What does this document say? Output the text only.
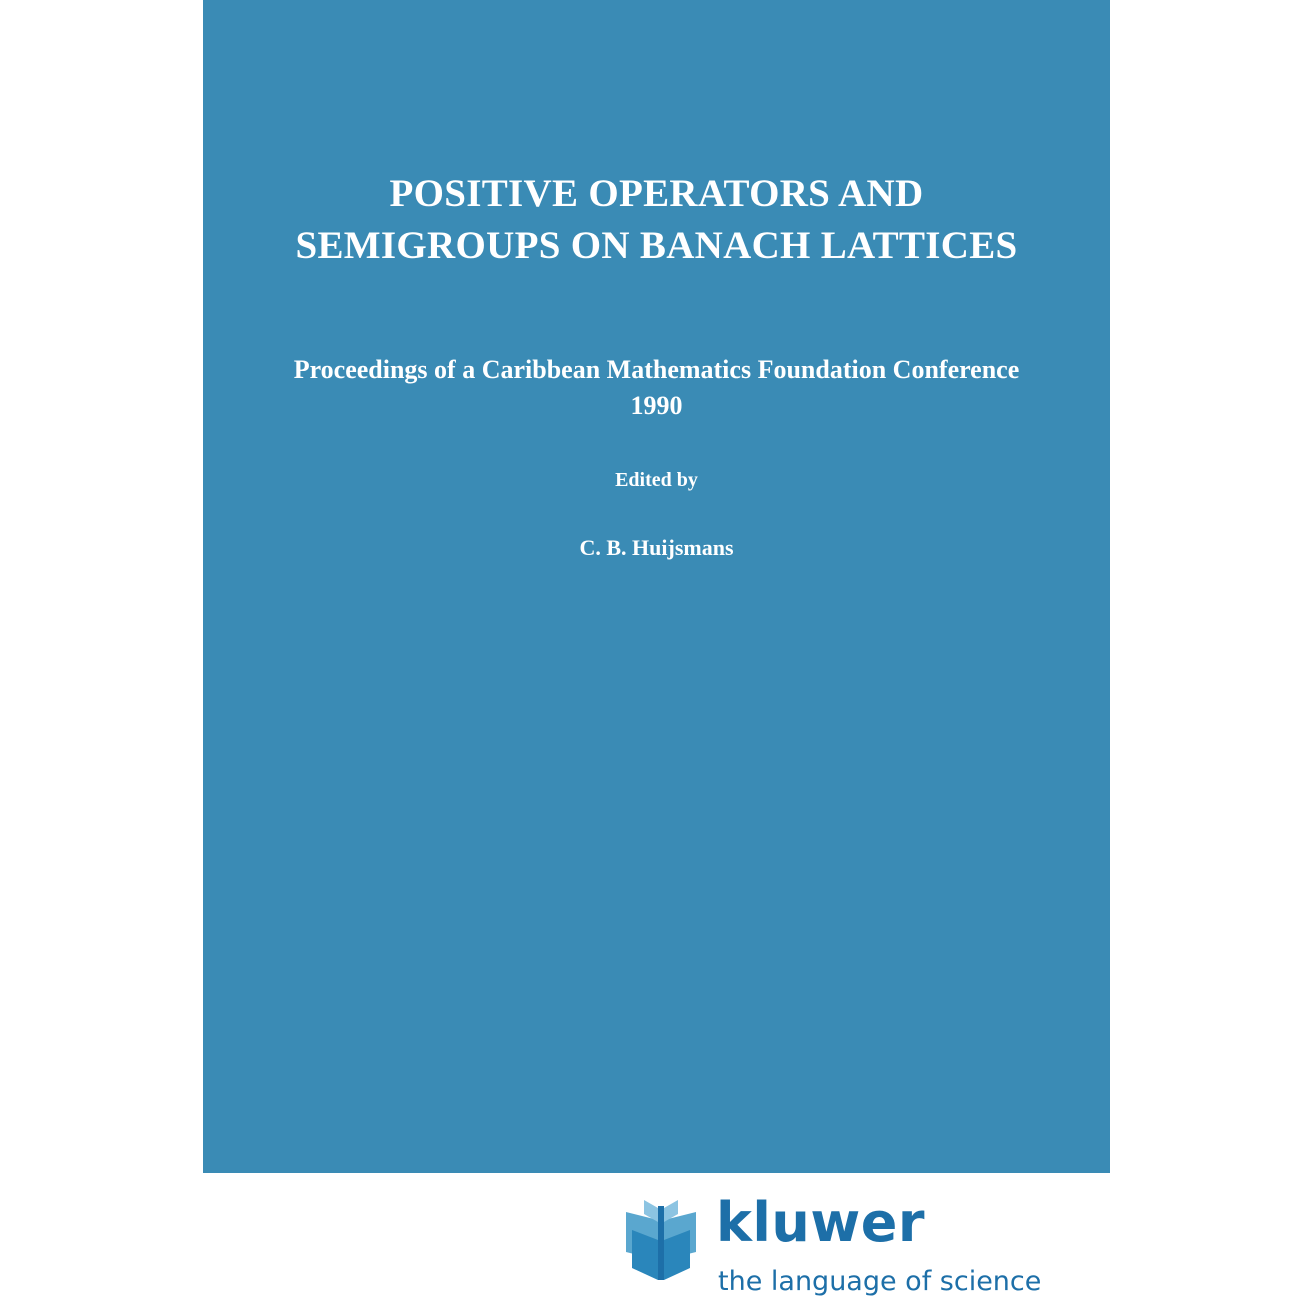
POSITIVE OPERATORS AND
SEMIGROUPS ON BANACH LATTICES
Proceedings of a Caribbean Mathematics Foundation Conference
1990
Edited by
C. B. Huijsmans
kluwer
the language of science
